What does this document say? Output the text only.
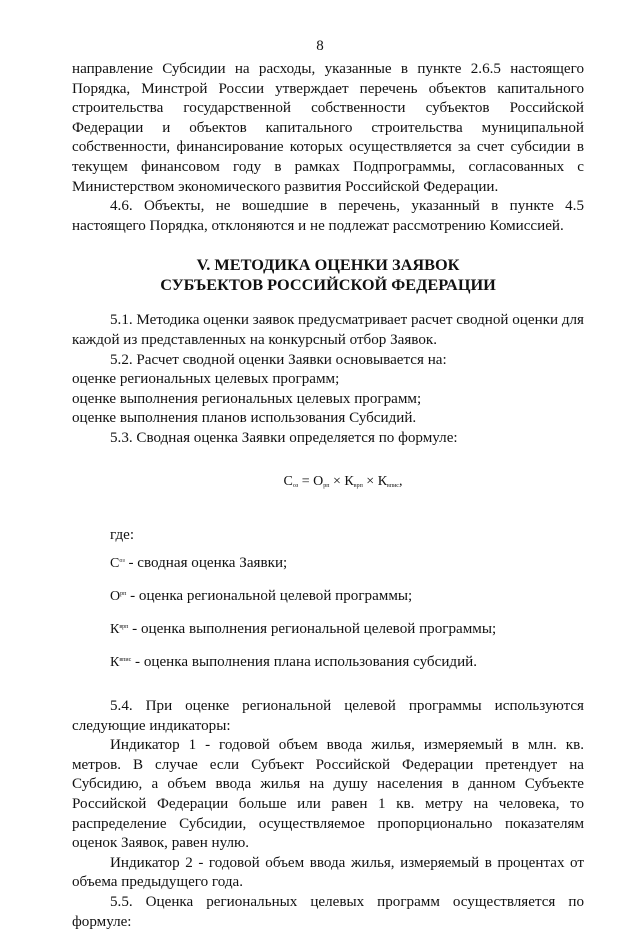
8

направление Субсидии на расходы, указанные в пункте 2.6.5 настоящего Порядка, Минстрой России утверждает перечень объектов капитального строительства государственной собственности субъектов Российской Федерации и объектов капитального строительства муниципальной собственности, финансирование которых осуществляется за счет субсидии в текущем финансовом году в рамках Подпрограммы, согласованных с Министерством экономического развития Российской Федерации.

4.6. Объекты, не вошедшие в перечень, указанный в пункте 4.5 настоящего Порядка, отклоняются и не подлежат рассмотрению Комиссией.

V. МЕТОДИКА ОЦЕНКИ ЗАЯВОК
СУБЪЕКТОВ РОССИЙСКОЙ ФЕДЕРАЦИИ

5.1. Методика оценки заявок предусматривает расчет сводной оценки для каждой из представленных на конкурсный отбор Заявок.

5.2. Расчет сводной оценки Заявки основывается на:

оценке региональных целевых программ;

оценке выполнения региональных целевых программ;

оценке выполнения планов использования Субсидий.

5.3. Сводная оценка Заявки определяется по формуле:

$С_{оз} = О_{рп} \times К_{врп} \times К_{впис}$,

где:

$С_{оз}$ - сводная оценка Заявки;

$О_{рп}$ - оценка региональной целевой программы;

$К_{врп}$ - оценка выполнения региональной целевой программы;

$К_{впис}$ - оценка выполнения плана использования субсидий.

5.4. При оценке региональной целевой программы используются следующие индикаторы:

Индикатор 1 - годовой объем ввода жилья, измеряемый в млн. кв. метров. В случае если Субъект Российской Федерации претендует на Субсидию, а объем ввода жилья на душу населения в данном Субъекте Российской Федерации больше или равен 1 кв. метру на человека, то распределение Субсидии, осуществляемое пропорционально показателям оценок Заявок, равен нулю.

Индикатор 2 - годовой объем ввода жилья, измеряемый в процентах от объема предыдущего года.

5.5. Оценка региональных целевых программ осуществляется по формуле:
